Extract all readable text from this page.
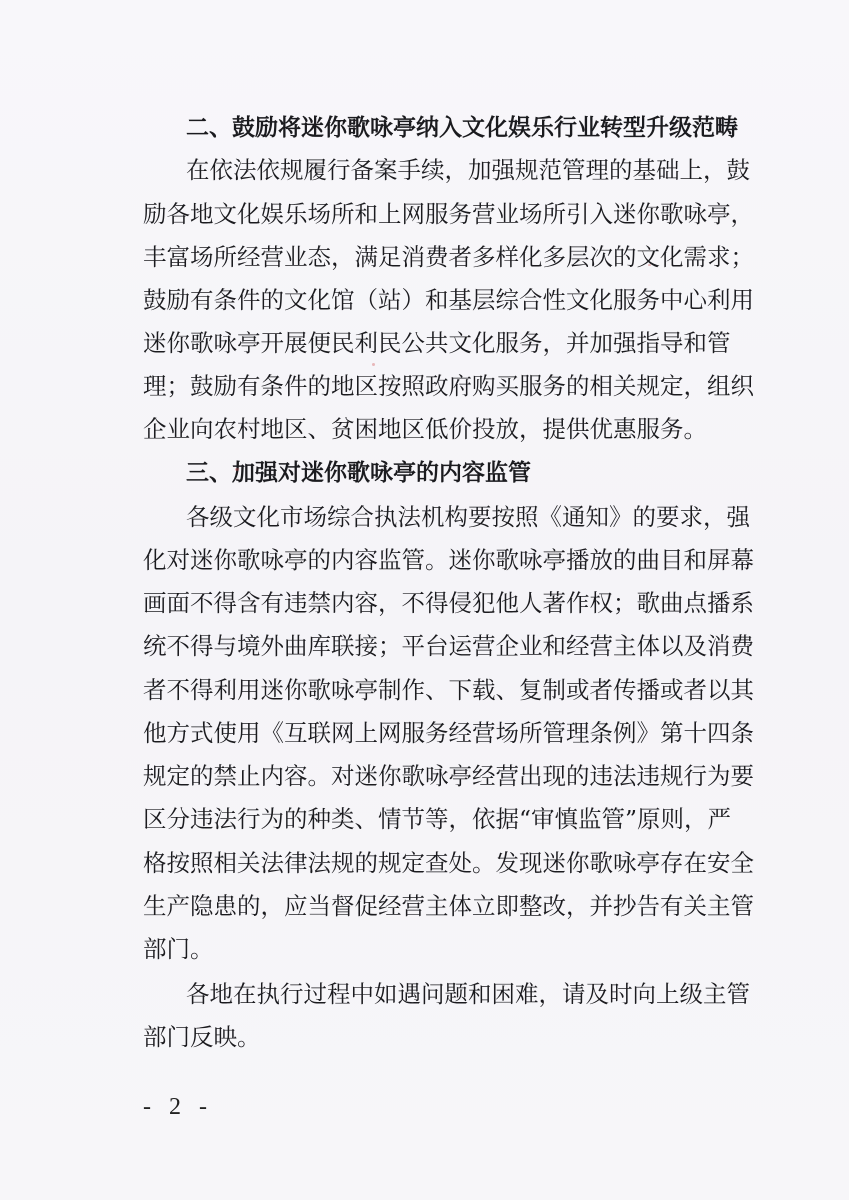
二、鼓励将迷你歌咏亭纳入文化娱乐行业转型升级范畴
在依法依规履行备案手续，加强规范管理的基础上，鼓
励各地文化娱乐场所和上网服务营业场所引入迷你歌咏亭，
丰富场所经营业态，满足消费者多样化多层次的文化需求；
鼓励有条件的文化馆（站）和基层综合性文化服务中心利用
迷你歌咏亭开展便民利民公共文化服务，并加强指导和管
理；鼓励有条件的地区按照政府购买服务的相关规定，组织
企业向农村地区、贫困地区低价投放，提供优惠服务。
三、加强对迷你歌咏亭的内容监管
各级文化市场综合执法机构要按照《通知》的要求，强
化对迷你歌咏亭的内容监管。迷你歌咏亭播放的曲目和屏幕
画面不得含有违禁内容，不得侵犯他人著作权；歌曲点播系
统不得与境外曲库联接；平台运营企业和经营主体以及消费
者不得利用迷你歌咏亭制作、下载、复制或者传播或者以其
他方式使用《互联网上网服务经营场所管理条例》第十四条
规定的禁止内容。对迷你歌咏亭经营出现的违法违规行为要
区分违法行为的种类、情节等，依据“审慎监管”原则，严
格按照相关法律法规的规定查处。发现迷你歌咏亭存在安全
生产隐患的，应当督促经营主体立即整改，并抄告有关主管
部门。
各地在执行过程中如遇问题和困难，请及时向上级主管
部门反映。
- 2 -
